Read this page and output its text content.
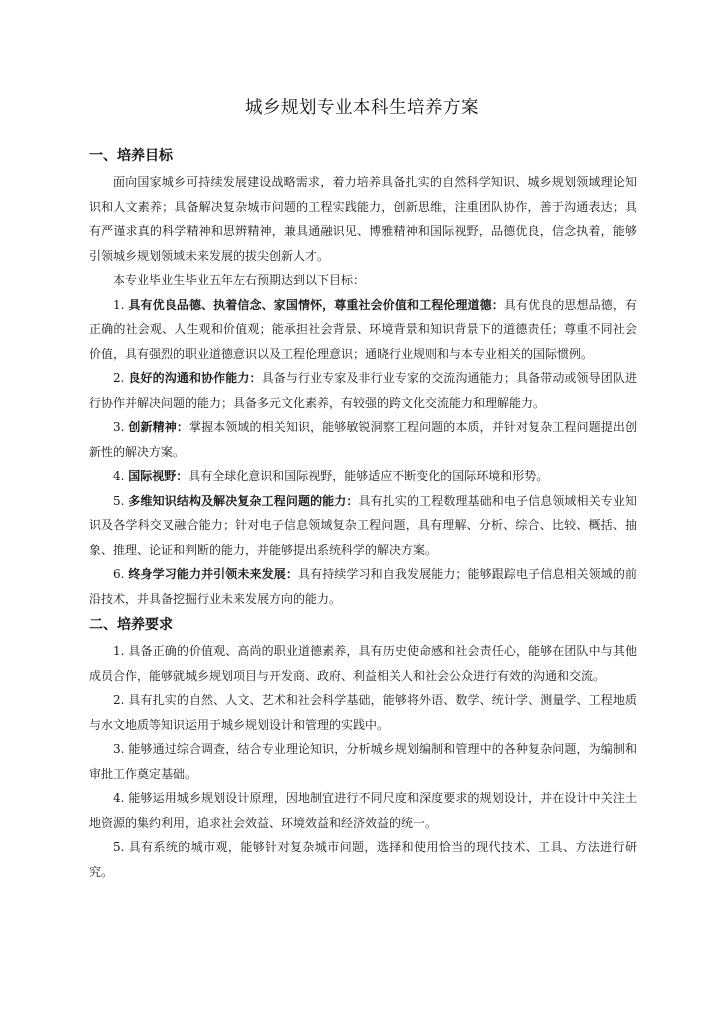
城乡规划专业本科生培养方案
一、培养目标

面向国家城乡可持续发展建设战略需求，着力培养具备扎实的自然科学知识、城乡规划领域理论知识和人文素养；具备解决复杂城市问题的工程实践能力，创新思维，注重团队协作，善于沟通表达；具有严谨求真的科学精神和思辨精神，兼具通融识见、博雅精神和国际视野，品德优良，信念执着，能够引领城乡规划领域未来发展的拔尖创新人才。

本专业毕业生毕业五年左右预期达到以下目标：

1. 具有优良品德、执着信念、家国情怀，尊重社会价值和工程伦理道德：具有优良的思想品德，有正确的社会观、人生观和价值观；能承担社会背景、环境背景和知识背景下的道德责任；尊重不同社会价值，具有强烈的职业道德意识以及工程伦理意识；通晓行业规则和与本专业相关的国际惯例。

2. 良好的沟通和协作能力：具备与行业专家及非行业专家的交流沟通能力；具备带动或领导团队进行协作并解决问题的能力；具备多元文化素养，有较强的跨文化交流能力和理解能力。

3. 创新精神：掌握本领域的相关知识，能够敏锐洞察工程问题的本质，并针对复杂工程问题提出创新性的解决方案。

4. 国际视野：具有全球化意识和国际视野，能够适应不断变化的国际环境和形势。

5. 多维知识结构及解决复杂工程问题的能力：具有扎实的工程数理基础和电子信息领域相关专业知识及各学科交叉融合能力；针对电子信息领域复杂工程问题，具有理解、分析、综合、比较、概括、抽象、推理、论证和判断的能力，并能够提出系统科学的解决方案。

6. 终身学习能力并引领未来发展：具有持续学习和自我发展能力；能够跟踪电子信息相关领域的前沿技术，并具备挖掘行业未来发展方向的能力。

二、培养要求

1. 具备正确的价值观、高尚的职业道德素养，具有历史使命感和社会责任心，能够在团队中与其他成员合作，能够就城乡规划项目与开发商、政府、利益相关人和社会公众进行有效的沟通和交流。

2. 具有扎实的自然、人文、艺术和社会科学基础，能够将外语、数学、统计学、测量学、工程地质与水文地质等知识运用于城乡规划设计和管理的实践中。

3. 能够通过综合调查，结合专业理论知识，分析城乡规划编制和管理中的各种复杂问题，为编制和审批工作奠定基础。

4. 能够运用城乡规划设计原理，因地制宜进行不同尺度和深度要求的规划设计，并在设计中关注土地资源的集约利用，追求社会效益、环境效益和经济效益的统一。

5. 具有系统的城市观，能够针对复杂城市问题，选择和使用恰当的现代技术、工具、方法进行研究。
